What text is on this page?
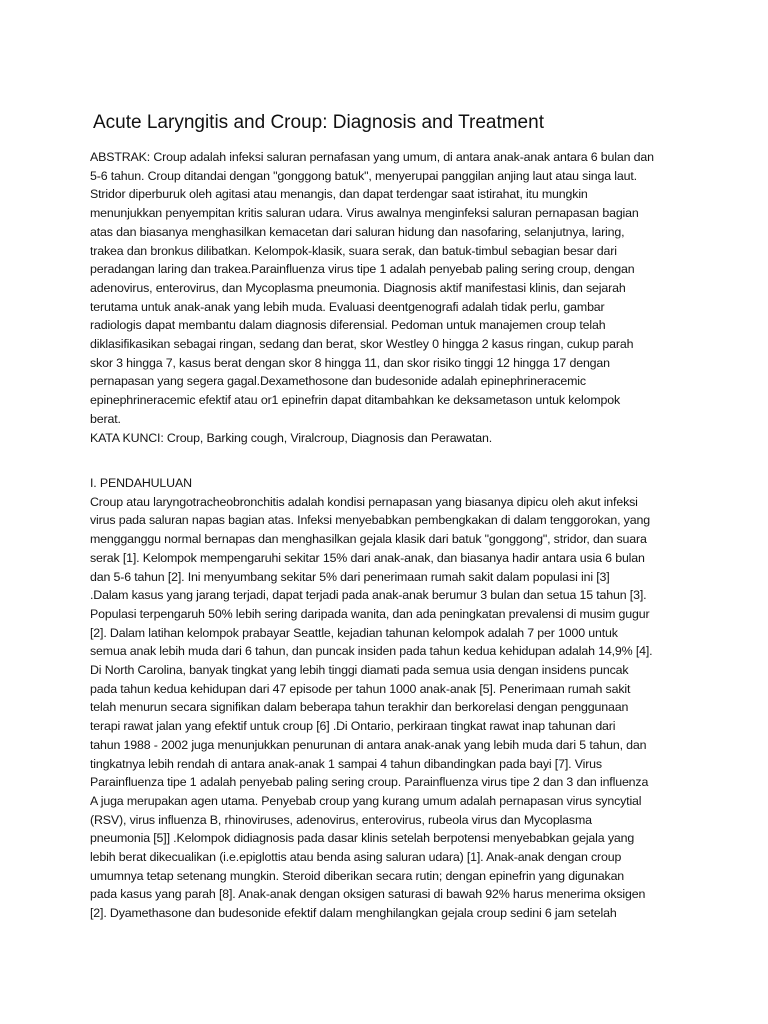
Acute Laryngitis and Croup: Diagnosis and Treatment
ABSTRAK: Croup adalah infeksi saluran pernafasan yang umum, di antara anak-anak antara 6 bulan dan
5-6 tahun. Croup ditandai dengan "gonggong batuk", menyerupai panggilan anjing laut atau singa laut.
Stridor diperburuk oleh agitasi atau menangis, dan dapat terdengar saat istirahat, itu mungkin
menunjukkan penyempitan kritis saluran udara. Virus awalnya menginfeksi saluran pernapasan bagian
atas dan biasanya menghasilkan kemacetan dari saluran hidung dan nasofaring, selanjutnya, laring,
trakea dan bronkus dilibatkan. Kelompok-klasik, suara serak, dan batuk-timbul sebagian besar dari
peradangan laring dan trakea.Parainfluenza virus tipe 1 adalah penyebab paling sering croup, dengan
adenovirus, enterovirus, dan Mycoplasma pneumonia. Diagnosis aktif manifestasi klinis, dan sejarah
terutama untuk anak-anak yang lebih muda. Evaluasi deentgenografi adalah tidak perlu, gambar
radiologis dapat membantu dalam diagnosis diferensial. Pedoman untuk manajemen croup telah
diklasifikasikan sebagai ringan, sedang dan berat, skor Westley 0 hingga 2 kasus ringan, cukup parah
skor 3 hingga 7, kasus berat dengan skor 8 hingga 11, dan skor risiko tinggi 12 hingga 17 dengan
pernapasan yang segera gagal.Dexamethosone dan budesonide adalah epinephrineracemic
epinephrineracemic efektif atau or1 epinefrin dapat ditambahkan ke deksametason untuk kelompok
berat.
KATA KUNCI: Croup, Barking cough, Viralcroup, Diagnosis dan Perawatan.
I. PENDAHULUAN
Croup atau laryngotracheobronchitis adalah kondisi pernapasan yang biasanya dipicu oleh akut infeksi
virus pada saluran napas bagian atas. Infeksi menyebabkan pembengkakan di dalam tenggorokan, yang
mengganggu normal bernapas dan menghasilkan gejala klasik dari batuk "gonggong", stridor, dan suara
serak [1]. Kelompok mempengaruhi sekitar 15% dari anak-anak, dan biasanya hadir antara usia 6 bulan
dan 5-6 tahun [2]. Ini menyumbang sekitar 5% dari penerimaan rumah sakit dalam populasi ini [3]
.Dalam kasus yang jarang terjadi, dapat terjadi pada anak-anak berumur 3 bulan dan setua 15 tahun [3].
Populasi terpengaruh 50% lebih sering daripada wanita, dan ada peningkatan prevalensi di musim gugur
[2]. Dalam latihan kelompok prabayar Seattle, kejadian tahunan kelompok adalah 7 per 1000 untuk
semua anak lebih muda dari 6 tahun, dan puncak insiden pada tahun kedua kehidupan adalah 14,9% [4].
Di North Carolina, banyak tingkat yang lebih tinggi diamati pada semua usia dengan insidens puncak
pada tahun kedua kehidupan dari 47 episode per tahun 1000 anak-anak [5]. Penerimaan rumah sakit
telah menurun secara signifikan dalam beberapa tahun terakhir dan berkorelasi dengan penggunaan
terapi rawat jalan yang efektif untuk croup [6] .Di Ontario, perkiraan tingkat rawat inap tahunan dari
tahun 1988 - 2002 juga menunjukkan penurunan di antara anak-anak yang lebih muda dari 5 tahun, dan
tingkatnya lebih rendah di antara anak-anak 1 sampai 4 tahun dibandingkan pada bayi [7]. Virus
Parainfluenza tipe 1 adalah penyebab paling sering croup. Parainfluenza virus tipe 2 dan 3 dan influenza
A juga merupakan agen utama. Penyebab croup yang kurang umum adalah pernapasan virus syncytial
(RSV), virus influenza B, rhinoviruses, adenovirus, enterovirus, rubeola virus dan Mycoplasma
pneumonia [5]] .Kelompok didiagnosis pada dasar klinis setelah berpotensi menyebabkan gejala yang
lebih berat dikecualikan (i.e.epiglottis atau benda asing saluran udara) [1]. Anak-anak dengan croup
umumnya tetap setenang mungkin. Steroid diberikan secara rutin; dengan epinefrin yang digunakan
pada kasus yang parah [8]. Anak-anak dengan oksigen saturasi di bawah 92% harus menerima oksigen
[2]. Dyamethasone dan budesonide efektif dalam menghilangkan gejala croup sedini 6 jam setelah
